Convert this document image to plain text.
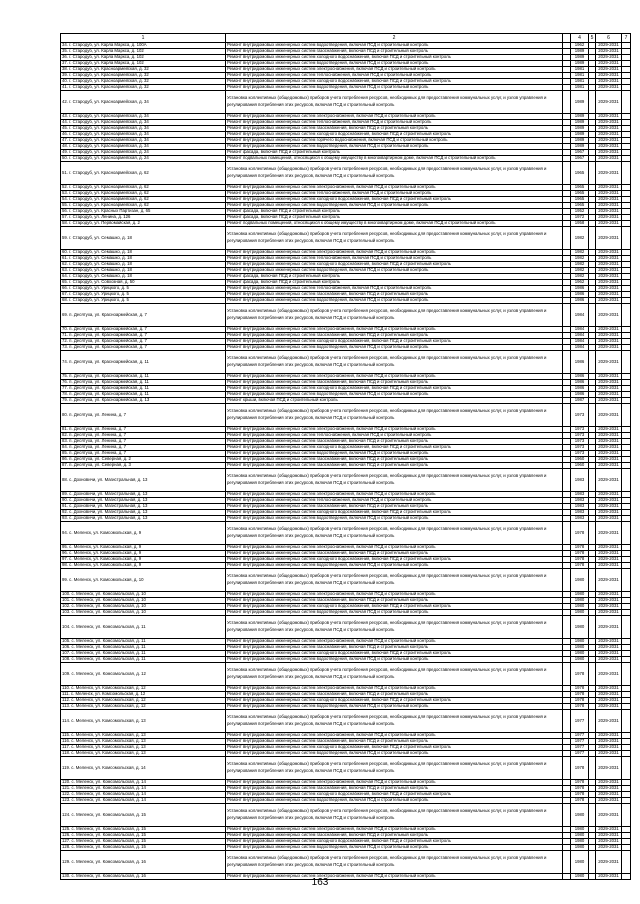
1	2		4	5	6	7
34. г. Стародуб, ул. Карла Маркса, д. 100А	Ремонт внутридомовых инженерных систем водоотведения, включая ПСД и строительный контроль		1962		2029-2031	
35. г. Стародуб, ул. Карла Маркса, д. 102	Ремонт внутридомовых инженерных систем газоснабжения, включая ПСД и строительный контроль		1989		2029-2031	
36. г. Стародуб, ул. Карла Маркса, д. 102	Ремонт внутридомовых инженерных систем холодного водоснабжения, включая ПСД и строительный контроль		1989		2029-2031	
37. г. Стародуб, ул. Карла Маркса, д. 102	Ремонт внутридомовых инженерных систем водоотведения, включая ПСД и строительный контроль		1989		2029-2031	
38. г. Стародуб, ул. Красноармейская, д. 32	Ремонт внутридомовых инженерных систем электроснабжения, включая ПСД и строительный контроль		1981		2029-2031	
39. г. Стародуб, ул. Красноармейская, д. 32	Ремонт внутридомовых инженерных систем теплоснабжения, включая ПСД и строительный контроль		1981		2029-2031	
40. г. Стародуб, ул. Красноармейская, д. 32	Ремонт внутридомовых инженерных систем холодного водоснабжения, включая ПСД и строительный контроль		1981		2029-2031	
41. г. Стародуб, ул. Красноармейская, д. 32	Ремонт внутридомовых инженерных систем водоотведения, включая ПСД и строительный контроль		1981		2029-2031	
42. г. Стародуб, ул. Красноармейская, д. 34	Установка коллективных (общедомовых) приборов учета потребления ресурсов, необходимых для предоставления коммунальных услуг, и узлов управления и регулирования потребления этих ресурсов, включая ПСД и строительный контроль		1989		2029-2031	
43. г. Стародуб, ул. Красноармейская, д. 34	Ремонт внутридомовых инженерных систем электроснабжения, включая ПСД и строительный контроль		1989		2029-2031	
44. г. Стародуб, ул. Красноармейская, д. 34	Ремонт внутридомовых инженерных систем теплоснабжения, включая ПСД и строительный контроль		1989		2029-2031	
45. г. Стародуб, ул. Красноармейская, д. 34	Ремонт внутридомовых инженерных систем газоснабжения, включая ПСД и строительный контроль		1989		2029-2031	
46. г. Стародуб, ул. Красноармейская, д. 34	Ремонт внутридомовых инженерных систем холодного водоснабжения, включая ПСД и строительный контроль		1989		2029-2031	
47. г. Стародуб, ул. Красноармейская, д. 34	Ремонт внутридомовых инженерных систем горячего водоснабжения, включая ПСД и строительный контроль		1989		2029-2031	
48. г. Стародуб, ул. Красноармейская, д. 34	Ремонт внутридомовых инженерных систем водоотведения, включая ПСД и строительный контроль		1989		2029-2031	
49. г. Стародуб, ул. Красноармейская, д. 24	Ремонт фасада, включая ПСД и строительный контроль		1967		2029-2031	
50. г. Стародуб, ул. Красноармейская, д. 24	Ремонт подвальных помещений, относящихся к общему имуществу в многоквартирном доме, включая ПСД и строительный контроль		1967		2029-2031	
51. г. Стародуб, ул. Красноармейская, д. 62	Установка коллективных (общедомовых) приборов учета потребления ресурсов, необходимых для предоставления коммунальных услуг, и узлов управления и регулирования потребления этих ресурсов, включая ПСД и строительный контроль		1965		2029-2031	
52. г. Стародуб, ул. Красноармейская, д. 62	Ремонт внутридомовых инженерных систем электроснабжения, включая ПСД и строительный контроль		1965		2029-2031	
53. г. Стародуб, ул. Красноармейская, д. 62	Ремонт внутридомовых инженерных систем теплоснабжения, включая ПСД и строительный контроль		1965		2029-2031	
54. г. Стародуб, ул. Красноармейская, д. 62	Ремонт внутридомовых инженерных систем холодного водоснабжения, включая ПСД и строительный контроль		1965		2029-2031	
55. г. Стародуб, ул. Красноармейская, д. 62	Ремонт внутридомовых инженерных систем водоотведения, включая ПСД и строительный контроль		1965		2029-2031	
56. г. Стародуб, ул. Красных Партизан, д. 65	Ремонт фасада, включая ПСД и строительный контроль		1952		2029-2031	
57. г. Стародуб, ул. Ленина, д. 126	Ремонт фасада, включая ПСД и строительный контроль		1972		2029-2031	
58. г. Стародуб, ул. Первомайская, д. 2	Ремонт подвальных помещений, относящихся к общему имуществу в многоквартирном доме, включая ПСД и строительный контроль		1958		2029-2031	
59. г. Стародуб, ул. Семашко, д. 18	Установка коллективных (общедомовых) приборов учета потребления ресурсов, необходимых для предоставления коммунальных услуг, и узлов управления и регулирования потребления этих ресурсов, включая ПСД и строительный контроль		1982		2029-2031	
60. г. Стародуб, ул. Семашко, д. 18	Ремонт внутридомовых инженерных систем электроснабжения, включая ПСД и строительный контроль		1982		2029-2031	
61. г. Стародуб, ул. Семашко, д. 18	Ремонт внутридомовых инженерных систем теплоснабжения, включая ПСД и строительный контроль		1982		2029-2031	
62. г. Стародуб, ул. Семашко, д. 18	Ремонт внутридомовых инженерных систем холодного водоснабжения, включая ПСД и строительный контроль		1982		2029-2031	
63. г. Стародуб, ул. Семашко, д. 18	Ремонт внутридомовых инженерных систем водоотведения, включая ПСД и строительный контроль		1982		2029-2031	
64. г. Стародуб, ул. Семашко, д. 18	Ремонт фасада, включая ПСД и строительный контроль		1982		2029-2031	
65. г. Стародуб, ул. Совхозная, д. 50	Ремонт фасада, включая ПСД и строительный контроль		1962		2029-2031	
66. г. Стародуб, ул. Урицкого, д. 5	Ремонт внутридомовых инженерных систем теплоснабжения, включая ПСД и строительный контроль		1986		2029-2031	
67. г. Стародуб, ул. Урицкого, д. 5	Ремонт внутридомовых инженерных систем газоснабжения, включая ПСД и строительный контроль		1986		2029-2031	
68. г. Стародуб, ул. Урицкого, д. 5	Ремонт внутридомовых инженерных систем водоотведения, включая ПСД и строительный контроль		1986		2029-2031	
69. п. Десятуха, ул. Красноармейская, д. 7	Установка коллективных (общедомовых) приборов учета потребления ресурсов, необходимых для предоставления коммунальных услуг, и узлов управления и регулирования потребления этих ресурсов, включая ПСД и строительный контроль		1984		2029-2031	
70. п. Десятуха, ул. Красноармейская, д. 7	Ремонт внутридомовых инженерных систем электроснабжения, включая ПСД и строительный контроль		1984		2029-2031	
71. п. Десятуха, ул. Красноармейская, д. 7	Ремонт внутридомовых инженерных систем газоснабжения, включая ПСД и строительный контроль		1984		2029-2031	
72. п. Десятуха, ул. Красноармейская, д. 7	Ремонт внутридомовых инженерных систем холодного водоснабжения, включая ПСД и строительный контроль		1984		2029-2031	
73. п. Десятуха, ул. Красноармейская, д. 7	Ремонт внутридомовых инженерных систем водоотведения, включая ПСД и строительный контроль		1984		2029-2031	
74. п. Десятуха, ул. Красноармейская, д. 11	Установка коллективных (общедомовых) приборов учета потребления ресурсов, необходимых для предоставления коммунальных услуг, и узлов управления и регулирования потребления этих ресурсов, включая ПСД и строительный контроль		1986		2029-2031	
75. п. Десятуха, ул. Красноармейская, д. 11	Ремонт внутридомовых инженерных систем электроснабжения, включая ПСД и строительный контроль		1986		2029-2031	
76. п. Десятуха, ул. Красноармейская, д. 11	Ремонт внутридомовых инженерных систем газоснабжения, включая ПСД и строительный контроль		1986		2029-2031	
77. п. Десятуха, ул. Красноармейская, д. 11	Ремонт внутридомовых инженерных систем холодного водоснабжения, включая ПСД и строительный контроль		1986		2029-2031	
78. п. Десятуха, ул. Красноармейская, д. 11	Ремонт внутридомовых инженерных систем водоотведения, включая ПСД и строительный контроль		1986		2029-2031	
79. п. Десятуха, ул. Красноармейская, д. 13	Ремонт крыши, включая ПСД и строительный контроль		1987		2029-2031	
80. п. Десятуха, ул. Ленина, д. 7	Установка коллективных (общедомовых) приборов учета потребления ресурсов, необходимых для предоставления коммунальных услуг, и узлов управления и регулирования потребления этих ресурсов, включая ПСД и строительный контроль		1973		2029-2031	
81. п. Десятуха, ул. Ленина, д. 7	Ремонт внутридомовых инженерных систем электроснабжения, включая ПСД и строительный контроль		1973		2029-2031	
82. п. Десятуха, ул. Ленина, д. 7	Ремонт внутридомовых инженерных систем теплоснабжения, включая ПСД и строительный контроль		1973		2029-2031	
83. п. Десятуха, ул. Ленина, д. 7	Ремонт внутридомовых инженерных систем газоснабжения, включая ПСД и строительный контроль		1973		2029-2031	
84. п. Десятуха, ул. Ленина, д. 7	Ремонт внутридомовых инженерных систем холодного водоснабжения, включая ПСД и строительный контроль		1973		2029-2031	
85. п. Десятуха, ул. Ленина, д. 7	Ремонт внутридомовых инженерных систем водоотведения, включая ПСД и строительный контроль		1973		2029-2031	
86. п. Десятуха, ул. Северная, д. 2	Ремонт внутридомовых инженерных систем газоснабжения, включая ПСД и строительный контроль		1960		2029-2031	
87. п. Десятуха, ул. Северная, д. 3	Ремонт внутридомовых инженерных систем газоснабжения, включая ПСД и строительный контроль		1960		2029-2031	
88. с. Дохновичи, ул. Магистральная, д. 13	Установка коллективных (общедомовых) приборов учета потребления ресурсов, необходимых для предоставления коммунальных услуг, и узлов управления и регулирования потребления этих ресурсов, включая ПСД и строительный контроль		1983		2029-2031	
89. с. Дохновичи, ул. Магистральная, д. 13	Ремонт внутридомовых инженерных систем электроснабжения, включая ПСД и строительный контроль		1983		2029-2031	
90. с. Дохновичи, ул. Магистральная, д. 13	Ремонт внутридомовых инженерных систем теплоснабжения, включая ПСД и строительный контроль		1983		2029-2031	
91. с. Дохновичи, ул. Магистральная, д. 13	Ремонт внутридомовых инженерных систем газоснабжения, включая ПСД и строительный контроль		1983		2029-2031	
92. с. Дохновичи, ул. Магистральная, д. 13	Ремонт внутридомовых инженерных систем холодного водоснабжения, включая ПСД и строительный контроль		1983		2029-2031	
93. с. Дохновичи, ул. Магистральная, д. 13	Ремонт внутридомовых инженерных систем водоотведения, включая ПСД и строительный контроль		1983		2029-2031	
94. с. Меленск, ул. Комсомольская, д. 9	Установка коллективных (общедомовых) приборов учета потребления ресурсов, необходимых для предоставления коммунальных услуг, и узлов управления и регулирования потребления этих ресурсов, включая ПСД и строительный контроль		1978		2029-2031	
95. с. Меленск, ул. Комсомольская, д. 9	Ремонт внутридомовых инженерных систем электроснабжения, включая ПСД и строительный контроль		1978		2029-2031	
96. с. Меленск, ул. Комсомольская, д. 9	Ремонт внутридомовых инженерных систем газоснабжения, включая ПСД и строительный контроль		1978		2029-2031	
97. с. Меленск, ул. Комсомольская, д. 9	Ремонт внутридомовых инженерных систем холодного водоснабжения, включая ПСД и строительный контроль		1978		2029-2031	
98. с. Меленск, ул. Комсомольская, д. 9	Ремонт внутридомовых инженерных систем водоотведения, включая ПСД и строительный контроль		1978		2029-2031	
99. с. Меленск, ул. Комсомольская, д. 10	Установка коллективных (общедомовых) приборов учета потребления ресурсов, необходимых для предоставления коммунальных услуг, и узлов управления и регулирования потребления этих ресурсов, включая ПСД и строительный контроль		1980		2029-2031	
100. с. Меленск, ул. Комсомольская, д. 10	Ремонт внутридомовых инженерных систем электроснабжения, включая ПСД и строительный контроль		1980		2029-2031	
101. с. Меленск, ул. Комсомольская, д. 10	Ремонт внутридомовых инженерных систем газоснабжения, включая ПСД и строительный контроль		1980		2029-2031	
102. с. Меленск, ул. Комсомольская, д. 10	Ремонт внутридомовых инженерных систем холодного водоснабжения, включая ПСД и строительный контроль		1980		2029-2031	
103. с. Меленск, ул. Комсомольская, д. 10	Ремонт внутридомовых инженерных систем водоотведения, включая ПСД и строительный контроль		1980		2029-2031	
104. с. Меленск, ул. Комсомольская, д. 11	Установка коллективных (общедомовых) приборов учета потребления ресурсов, необходимых для предоставления коммунальных услуг, и узлов управления и регулирования потребления этих ресурсов, включая ПСД и строительный контроль		1980		2029-2031	
105. с. Меленск, ул. Комсомольская, д. 11	Ремонт внутридомовых инженерных систем электроснабжения, включая ПСД и строительный контроль		1980		2029-2031	
106. с. Меленск, ул. Комсомольская, д. 11	Ремонт внутридомовых инженерных систем газоснабжения, включая ПСД и строительный контроль		1980		2029-2031	
107. с. Меленск, ул. Комсомольская, д. 11	Ремонт внутридомовых инженерных систем холодного водоснабжения, включая ПСД и строительный контроль		1980		2029-2031	
108. с. Меленск, ул. Комсомольская, д. 11	Ремонт внутридомовых инженерных систем водоотведения, включая ПСД и строительный контроль		1980		2029-2031	
109. с. Меленск, ул. Комсомольская, д. 12	Установка коллективных (общедомовых) приборов учета потребления ресурсов, необходимых для предоставления коммунальных услуг, и узлов управления и регулирования потребления этих ресурсов, включая ПСД и строительный контроль		1978		2029-2031	
110. с. Меленск, ул. Комсомольская, д. 12	Ремонт внутридомовых инженерных систем электроснабжения, включая ПСД и строительный контроль		1978		2029-2031	
111. с. Меленск, ул. Комсомольская, д. 12	Ремонт внутридомовых инженерных систем газоснабжения, включая ПСД и строительный контроль		1978		2029-2031	
112. с. Меленск, ул. Комсомольская, д. 12	Ремонт внутридомовых инженерных систем холодного водоснабжения, включая ПСД и строительный контроль		1978		2029-2031	
113. с. Меленск, ул. Комсомольская, д. 12	Ремонт внутридомовых инженерных систем водоотведения, включая ПСД и строительный контроль		1978		2029-2031	
114. с. Меленск, ул. Комсомольская, д. 13	Установка коллективных (общедомовых) приборов учета потребления ресурсов, необходимых для предоставления коммунальных услуг, и узлов управления и регулирования потребления этих ресурсов, включая ПСД и строительный контроль		1977		2029-2031	
115. с. Меленск, ул. Комсомольская, д. 13	Ремонт внутридомовых инженерных систем электроснабжения, включая ПСД и строительный контроль		1977		2029-2031	
116. с. Меленск, ул. Комсомольская, д. 13	Ремонт внутридомовых инженерных систем газоснабжения, включая ПСД и строительный контроль		1977		2029-2031	
117. с. Меленск, ул. Комсомольская, д. 13	Ремонт внутридомовых инженерных систем холодного водоснабжения, включая ПСД и строительный контроль		1977		2029-2031	
118. с. Меленск, ул. Комсомольская, д. 13	Ремонт внутридомовых инженерных систем водоотведения, включая ПСД и строительный контроль		1977		2029-2031	
119. с. Меленск, ул. Комсомольская, д. 14	Установка коллективных (общедомовых) приборов учета потребления ресурсов, необходимых для предоставления коммунальных услуг, и узлов управления и регулирования потребления этих ресурсов, включая ПСД и строительный контроль		1978		2029-2031	
120. с. Меленск, ул. Комсомольская, д. 14	Ремонт внутридомовых инженерных систем электроснабжения, включая ПСД и строительный контроль		1978		2029-2031	
121. с. Меленск, ул. Комсомольская, д. 14	Ремонт внутридомовых инженерных систем газоснабжения, включая ПСД и строительный контроль		1978		2029-2031	
122. с. Меленск, ул. Комсомольская, д. 14	Ремонт внутридомовых инженерных систем холодного водоснабжения, включая ПСД и строительный контроль		1978		2029-2031	
123. с. Меленск, ул. Комсомольская, д. 14	Ремонт внутридомовых инженерных систем водоотведения, включая ПСД и строительный контроль		1978		2029-2031	
124. с. Меленск, ул. Комсомольская, д. 15	Установка коллективных (общедомовых) приборов учета потребления ресурсов, необходимых для предоставления коммунальных услуг, и узлов управления и регулирования потребления этих ресурсов, включая ПСД и строительный контроль		1980		2029-2031	
125. с. Меленск, ул. Комсомольская, д. 15	Ремонт внутридомовых инженерных систем электроснабжения, включая ПСД и строительный контроль		1980		2029-2031	
126. с. Меленск, ул. Комсомольская, д. 15	Ремонт внутридомовых инженерных систем газоснабжения, включая ПСД и строительный контроль		1980		2029-2031	
127. с. Меленск, ул. Комсомольская, д. 15	Ремонт внутридомовых инженерных систем холодного водоснабжения, включая ПСД и строительный контроль		1980		2029-2031	
128. с. Меленск, ул. Комсомольская, д. 15	Ремонт внутридомовых инженерных систем водоотведения, включая ПСД и строительный контроль		1980		2029-2031	
129. с. Меленск, ул. Комсомольская, д. 16	Установка коллективных (общедомовых) приборов учета потребления ресурсов, необходимых для предоставления коммунальных услуг, и узлов управления и регулирования потребления этих ресурсов, включая ПСД и строительный контроль		1980		2029-2031	
130. с. Меленск, ул. Комсомольская, д. 16	Ремонт внутридомовых инженерных систем электроснабжения, включая ПСД и строительный контроль		1980		2029-2031	
163
